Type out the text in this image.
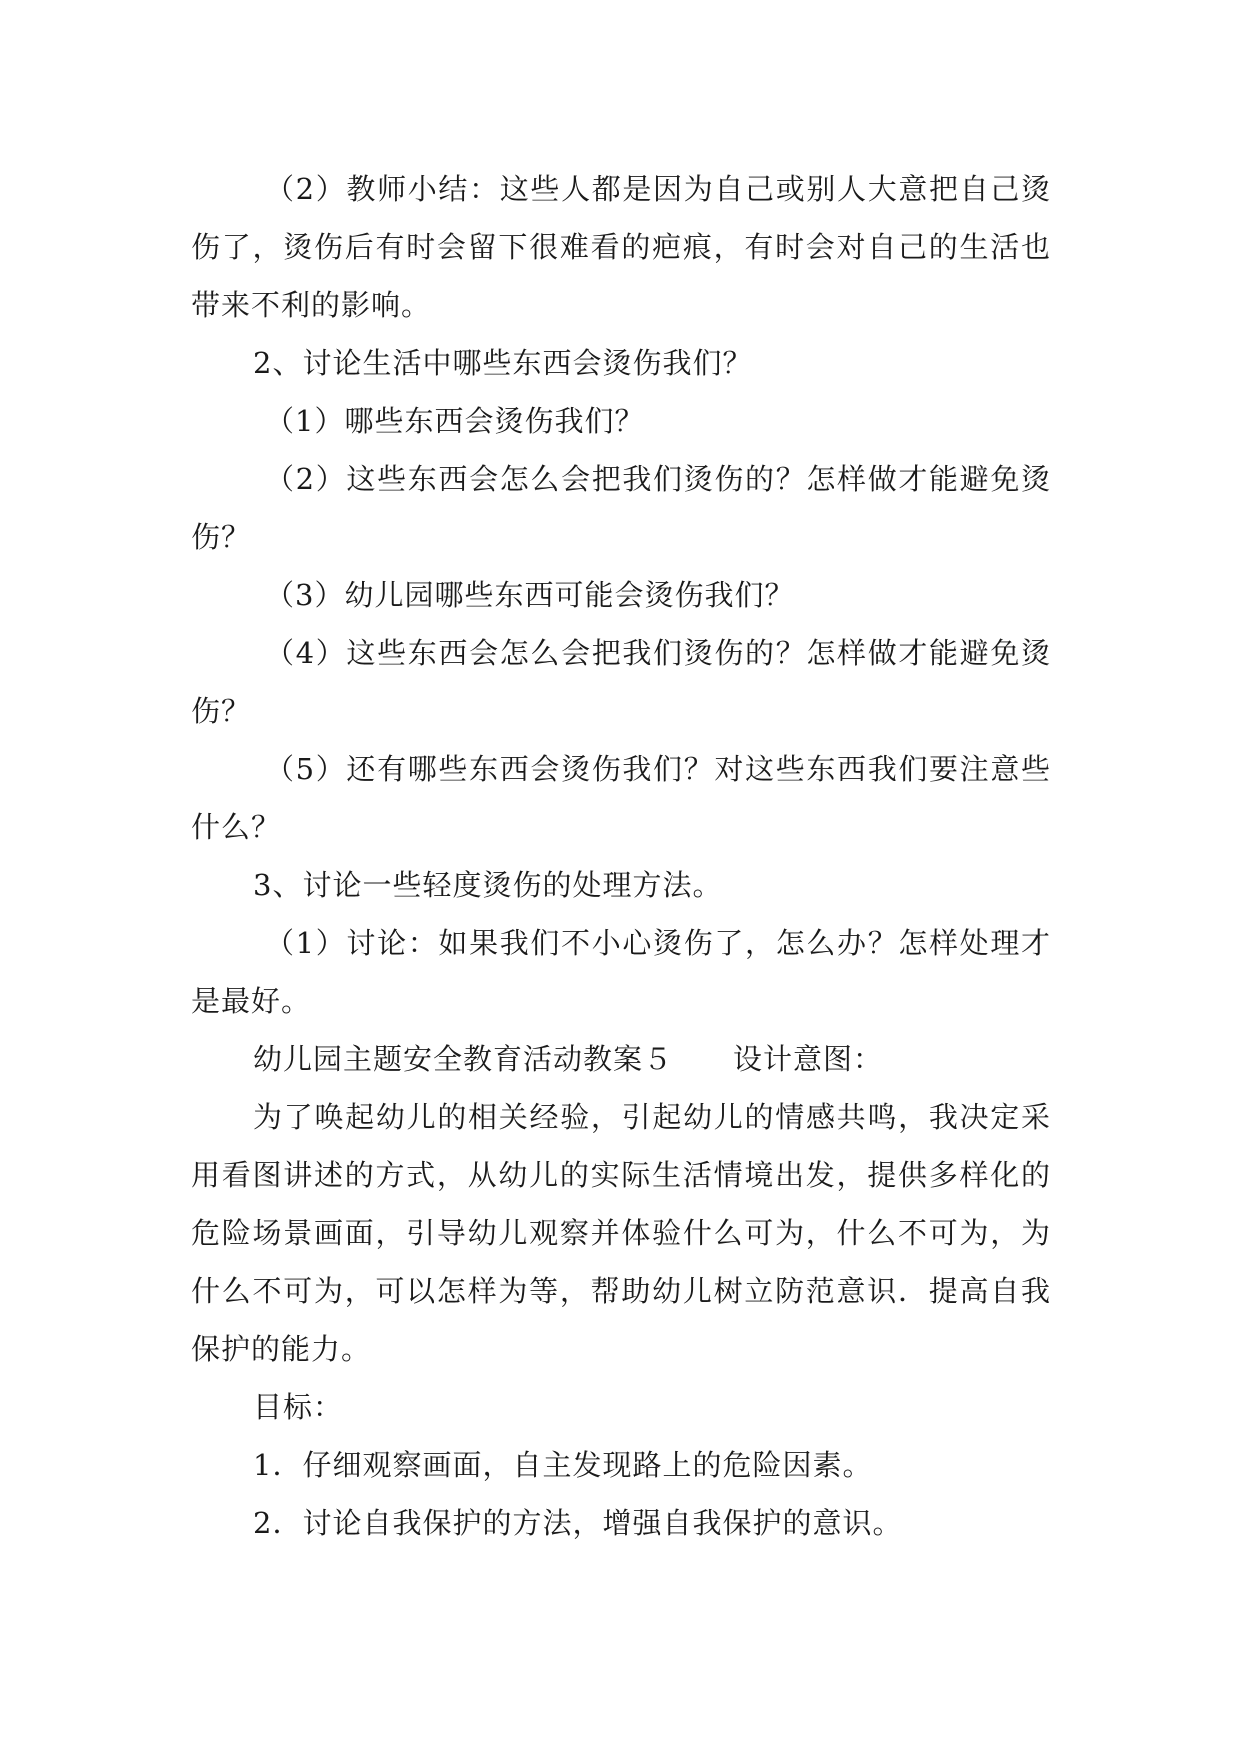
（2）教师小结：这些人都是因为自己或别人大意把自己烫伤了，烫伤后有时会留下很难看的疤痕，有时会对自己的生活也带来不利的影响。

2、讨论生活中哪些东西会烫伤我们？

（1）哪些东西会烫伤我们？

（2）这些东西会怎么会把我们烫伤的？怎样做才能避免烫伤？

（3）幼儿园哪些东西可能会烫伤我们？

（4）这些东西会怎么会把我们烫伤的？怎样做才能避免烫伤？

（5）还有哪些东西会烫伤我们？对这些东西我们要注意些什么？

3、讨论一些轻度烫伤的处理方法。

（1）讨论：如果我们不小心烫伤了，怎么办？怎样处理才是最好。

幼儿园主题安全教育活动教案５　　设计意图：

为了唤起幼儿的相关经验，引起幼儿的情感共鸣，我决定采用看图讲述的方式，从幼儿的实际生活情境出发，提供多样化的危险场景画面，引导幼儿观察并体验什么可为，什么不可为，为什么不可为，可以怎样为等，帮助幼儿树立防范意识．提高自我保护的能力。

目标：

1．仔细观察画面，自主发现路上的危险因素。

2．讨论自我保护的方法，增强自我保护的意识。
